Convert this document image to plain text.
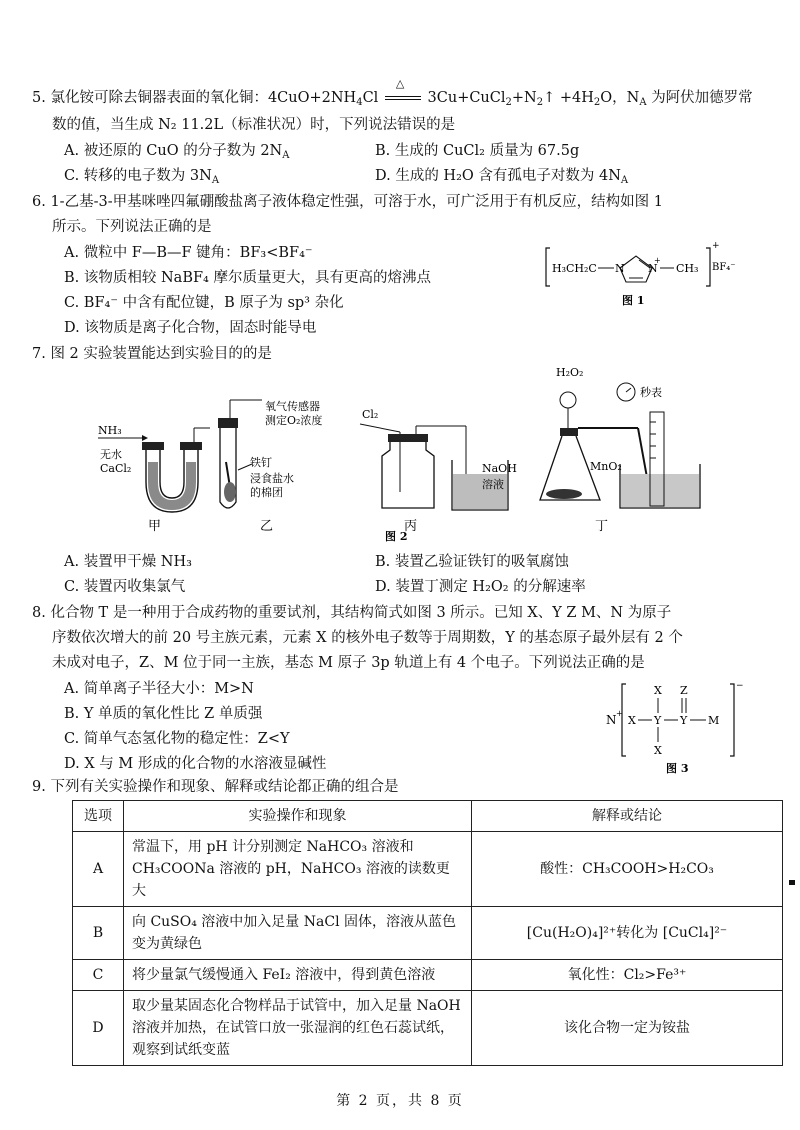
5. 氯化铵可除去铜器表面的氧化铜：$4CuO+2NH_4Cl$
△
$3Cu+CuCl_2+N_2↑ +4H_2O$，$N_A$ 为阿伏加德罗常
数的值，当生成 N₂ 11.2L（标准状况）时，下列说法错误的是
A. 被还原的 CuO 的分子数为 $2N_A$	B. 生成的 CuCl₂ 质量为 67.5g
C. 转移的电子数为 $3N_A$	D. 生成的 H₂O 含有孤电子对数为 $4N_A$
6. 1-乙基-3-甲基咪唑四氟硼酸盐离子液体稳定性强，可溶于水，可广泛用于有机反应，结构如图 1
所示。下列说法正确的是
A. 微粒中 F—B—F 键角：BF₃<BF₄⁻
B. 该物质相较 NaBF₄ 摩尔质量更大，具有更高的熔沸点
C. BF₄⁻ 中含有配位键，B 原子为 sp³ 杂化
D. 该物质是离子化合物，固态时能导电
H₃CH₂C N N
+
CH₃
+
BF₄⁻
图 1
7. 图 2 实验装置能达到实验目的的是
NH₃
无水
CaCl₂
甲
氧气传感器
测定O₂浓度
铁钉
浸食盐水
的棉团
乙
Cl₂
NaOH
溶液
丙
H₂O₂
秒表
MnO₂
丁
图 2
A. 装置甲干燥 NH₃	B. 装置乙验证铁钉的吸氧腐蚀
C. 装置丙收集氯气	D. 装置丁测定 H₂O₂ 的分解速率
8. 化合物 T 是一种用于合成药物的重要试剂，其结构简式如图 3 所示。已知 X、Y Z M、N 为原子
序数依次增大的前 20 号主族元素，元素 X 的核外电子数等于周期数，Y 的基态原子最外层有 2 个
未成对电子，Z、M 位于同一主族，基态 M 原子 3p 轨道上有 4 个电子。下列说法正确的是
A. 简单离子半径大小：M>N
B. Y 单质的氧化性比 Z 单质强
C. 简单气态氢化物的稳定性：Z<Y
D. X 与 M 形成的化合物的水溶液显碱性
N +
−
X Y
X
X
Y
Z
M
图 3
9. 下列有关实验操作和现象、解释或结论都正确的组合是
选项	实验操作和现象	解释或结论
A	常温下，用 pH 计分别测定 NaHCO₃ 溶液和 CH₃COONa 溶液的 pH，NaHCO₃ 溶液的读数更大	酸性：CH₃COOH>H₂CO₃
B	向 CuSO₄ 溶液中加入足量 NaCl 固体，溶液从蓝色变为黄绿色	[Cu(H₂O)₄]²⁺转化为 [CuCl₄]²⁻
C	将少量氯气缓慢通入 FeI₂ 溶液中，得到黄色溶液	氧化性：Cl₂>Fe³⁺
D	取少量某固态化合物样品于试管中，加入足量 NaOH 溶液并加热，在试管口放一张湿润的红色石蕊试纸，观察到试纸变蓝	该化合物一定为铵盐
第 2 页，共 8 页
